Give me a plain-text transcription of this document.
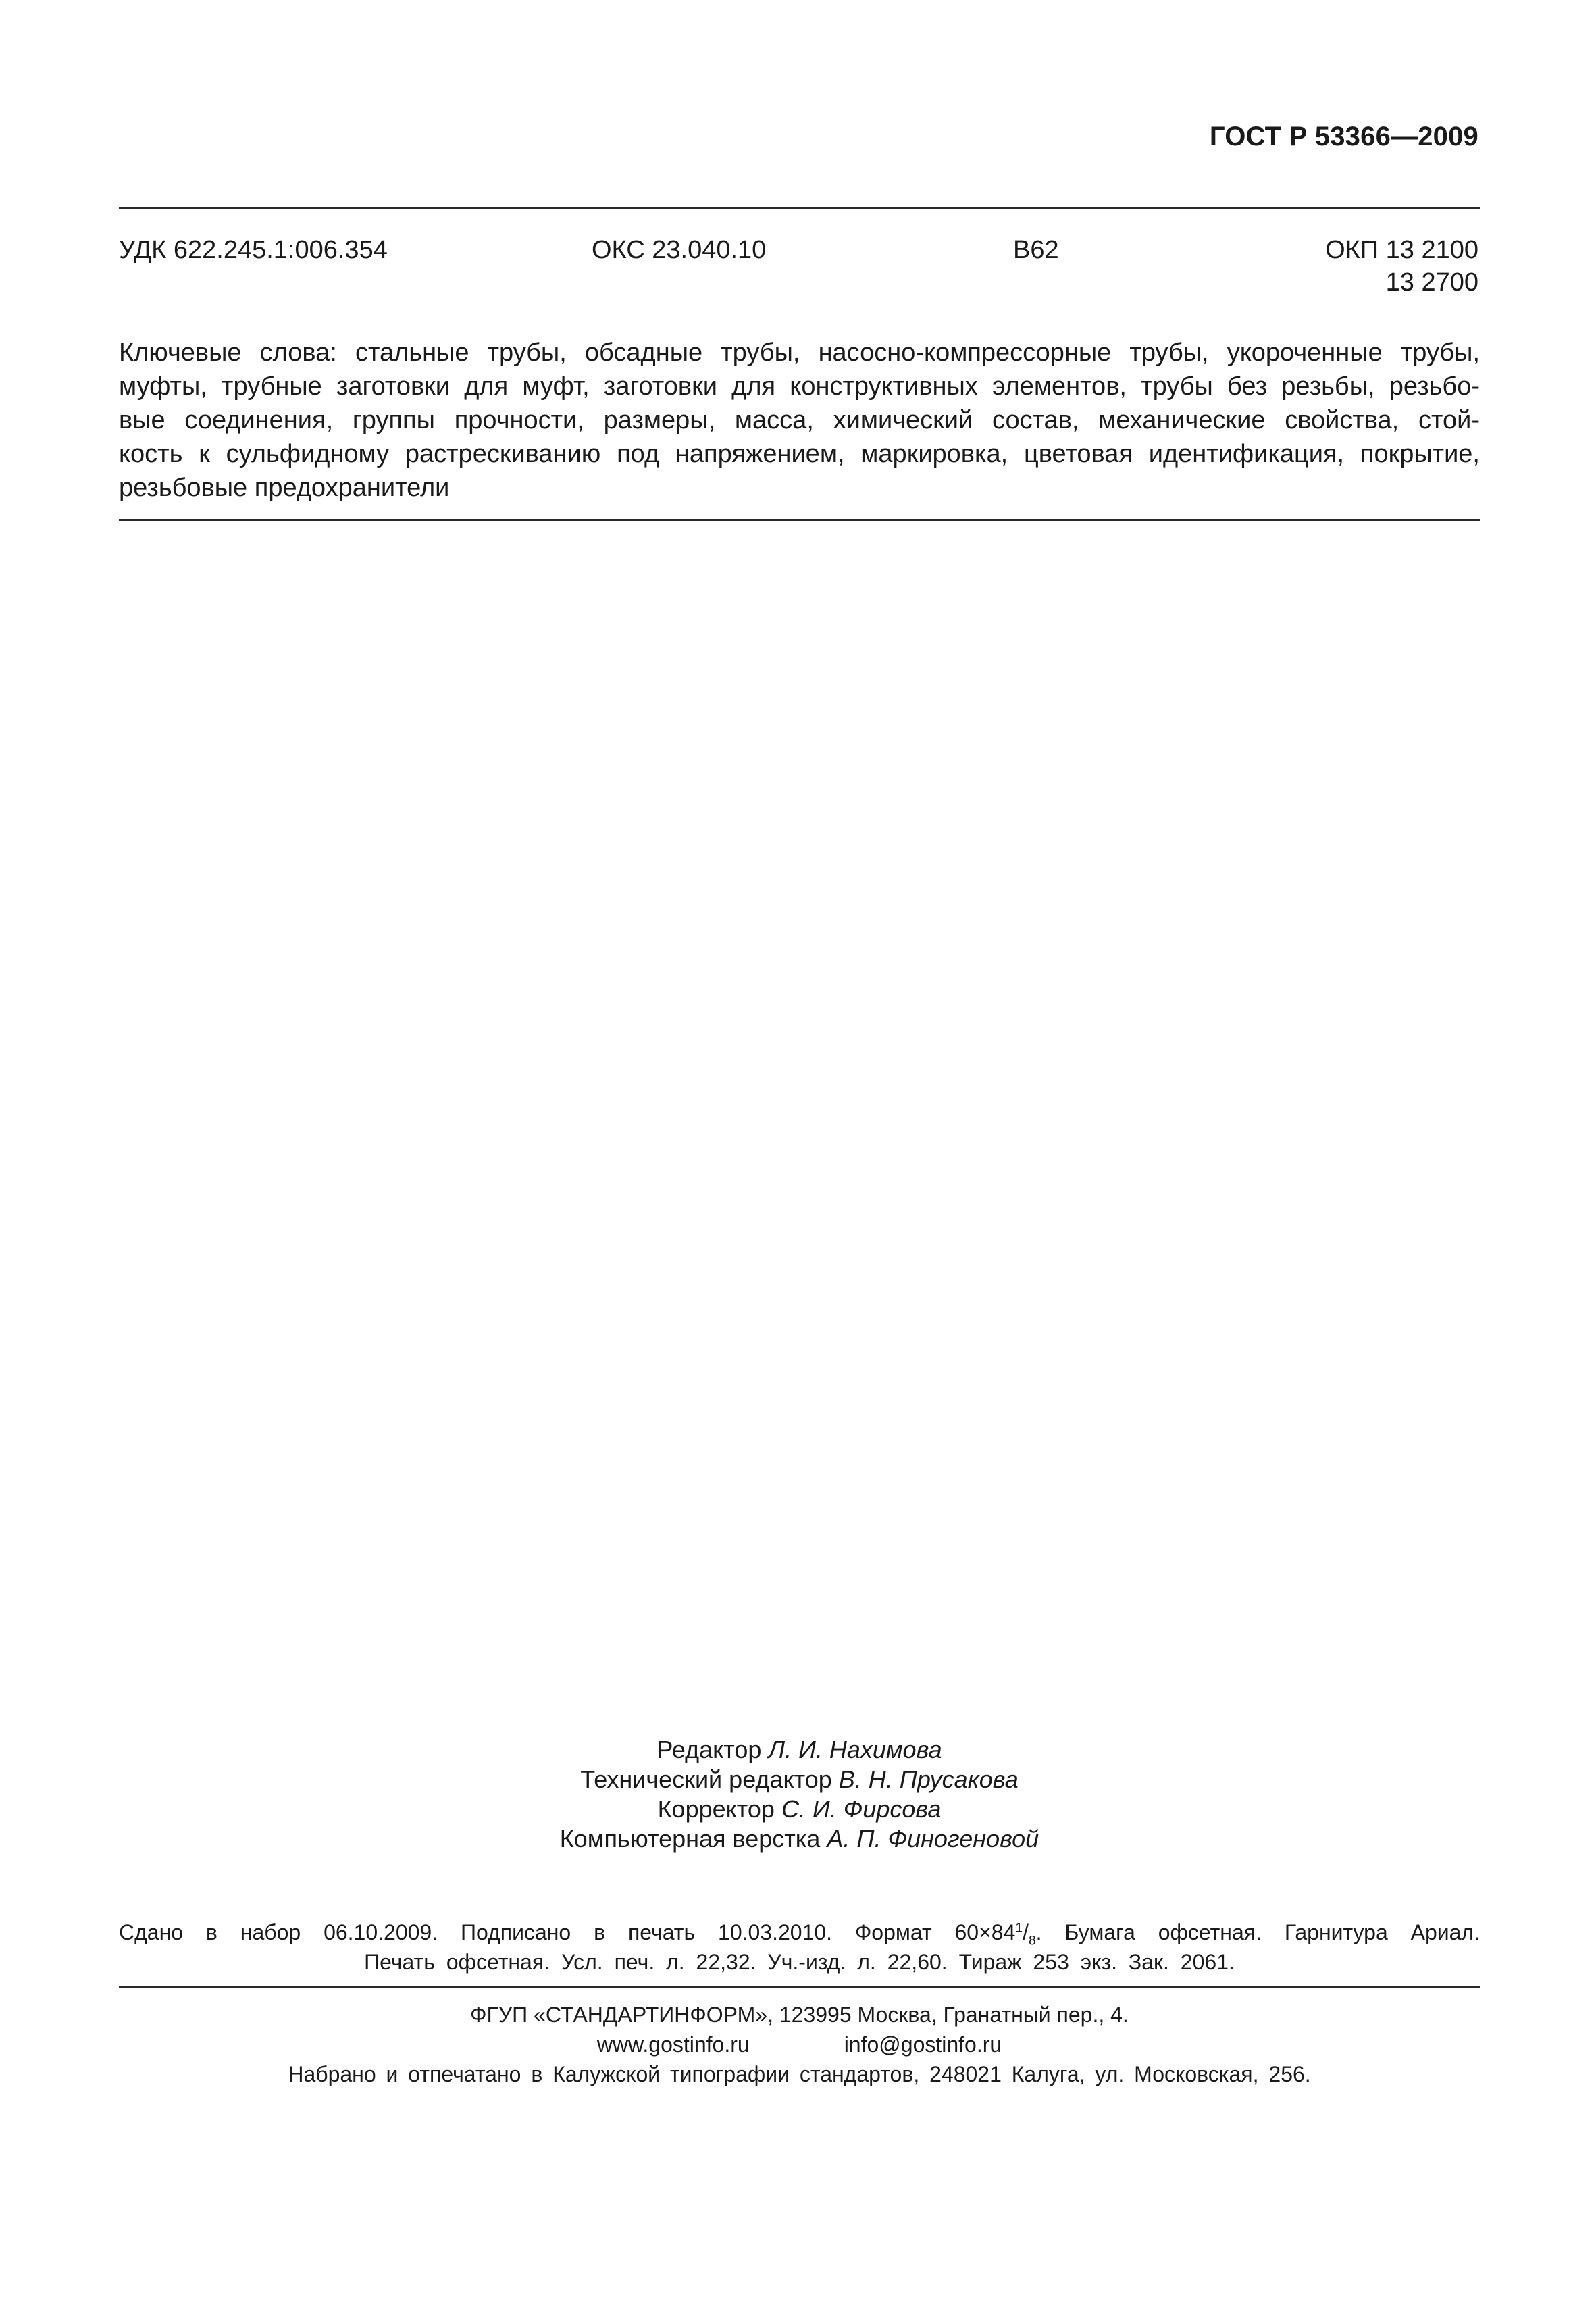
ГОСТ Р 53366—2009
УДК 622.245.1:006.354	ОКС 23.040.10	В62	ОКП 13 2100
13 2700
Ключевые слова: стальные трубы, обсадные трубы, насосно-компрессорные трубы, укороченные трубы,
муфты, трубные заготовки для муфт, заготовки для конструктивных элементов, трубы без резьбы, резьбо-
вые соединения, группы прочности, размеры, масса, химический состав, механические свойства, стой-
кость к сульфидному растрескиванию под напряжением, маркировка, цветовая идентификация, покрытие,
резьбовые предохранители
Редактор Л. И. Нахимова
Технический редактор В. Н. Прусакова
Корректор С. И. Фирсова
Компьютерная верстка А. П. Финогеновой
Сдано в набор 06.10.2009. Подписано в печать 10.03.2010. Формат $60\times 84^1/_8$. Бумага офсетная. Гарнитура Ариал.
Печать офсетная. Усл. печ. л. 22,32. Уч.-изд. л. 22,60. Тираж 253 экз. Зак. 2061.
ФГУП «СТАНДАРТИНФОРМ», 123995 Москва, Гранатный пер., 4.
www.gostinfo.ru	info@gostinfo.ru
Набрано и отпечатано в Калужской типографии стандартов, 248021 Калуга, ул. Московская, 256.
